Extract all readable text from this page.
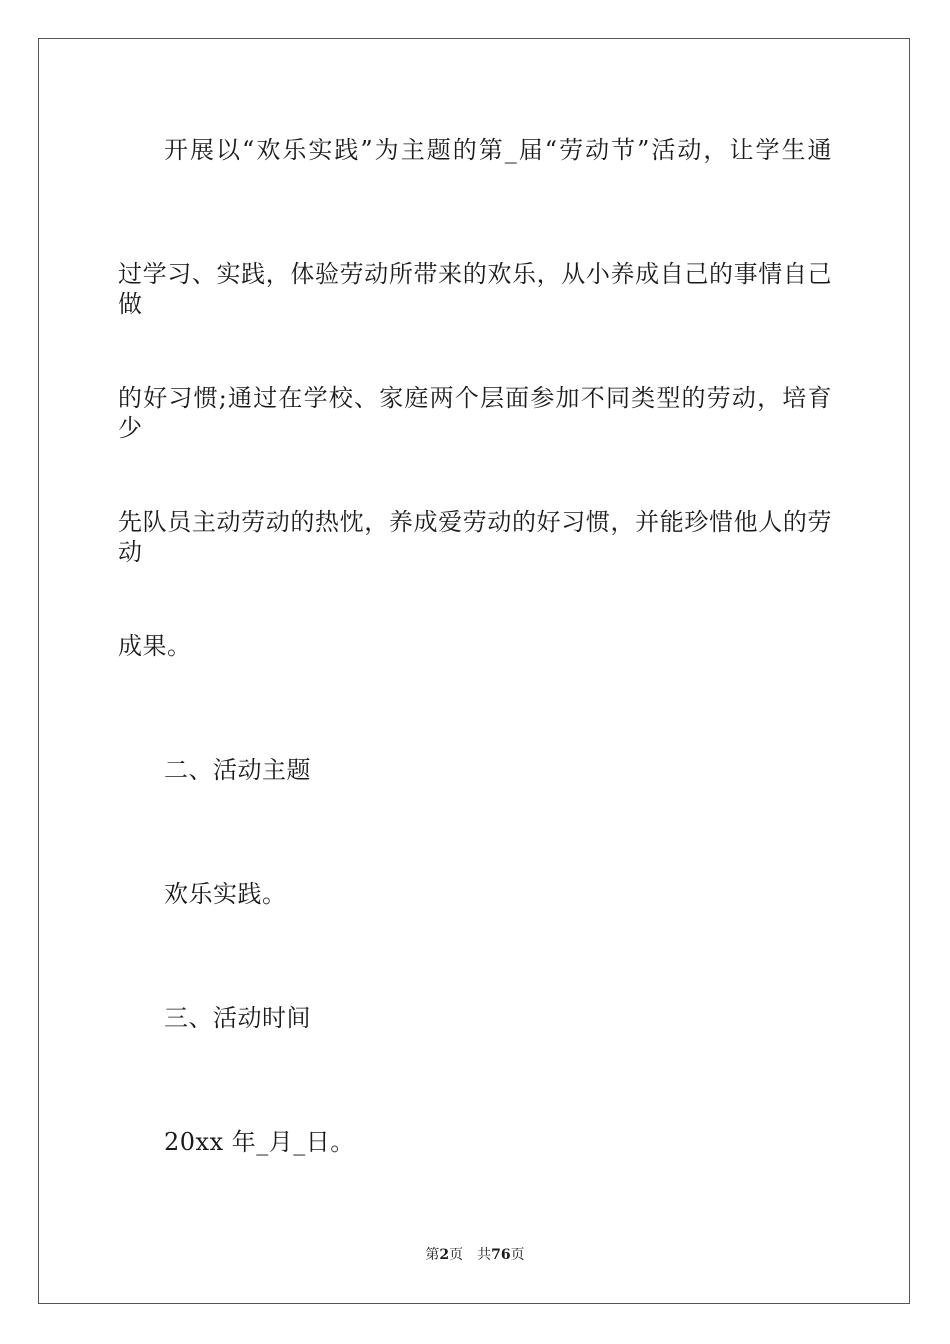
开展以“欢乐实践”为主题的第_届“劳动节”活动，让学生通
过学习、实践，体验劳动所带来的欢乐，从小养成自己的事情自己做
的好习惯;通过在学校、家庭两个层面参加不同类型的劳动，培育少
先队员主动劳动的热忱，养成爱劳动的好习惯，并能珍惜他人的劳动
成果。
二、活动主题
欢乐实践。
三、活动时间
20xx 年_月_日。
第2页 共76页
